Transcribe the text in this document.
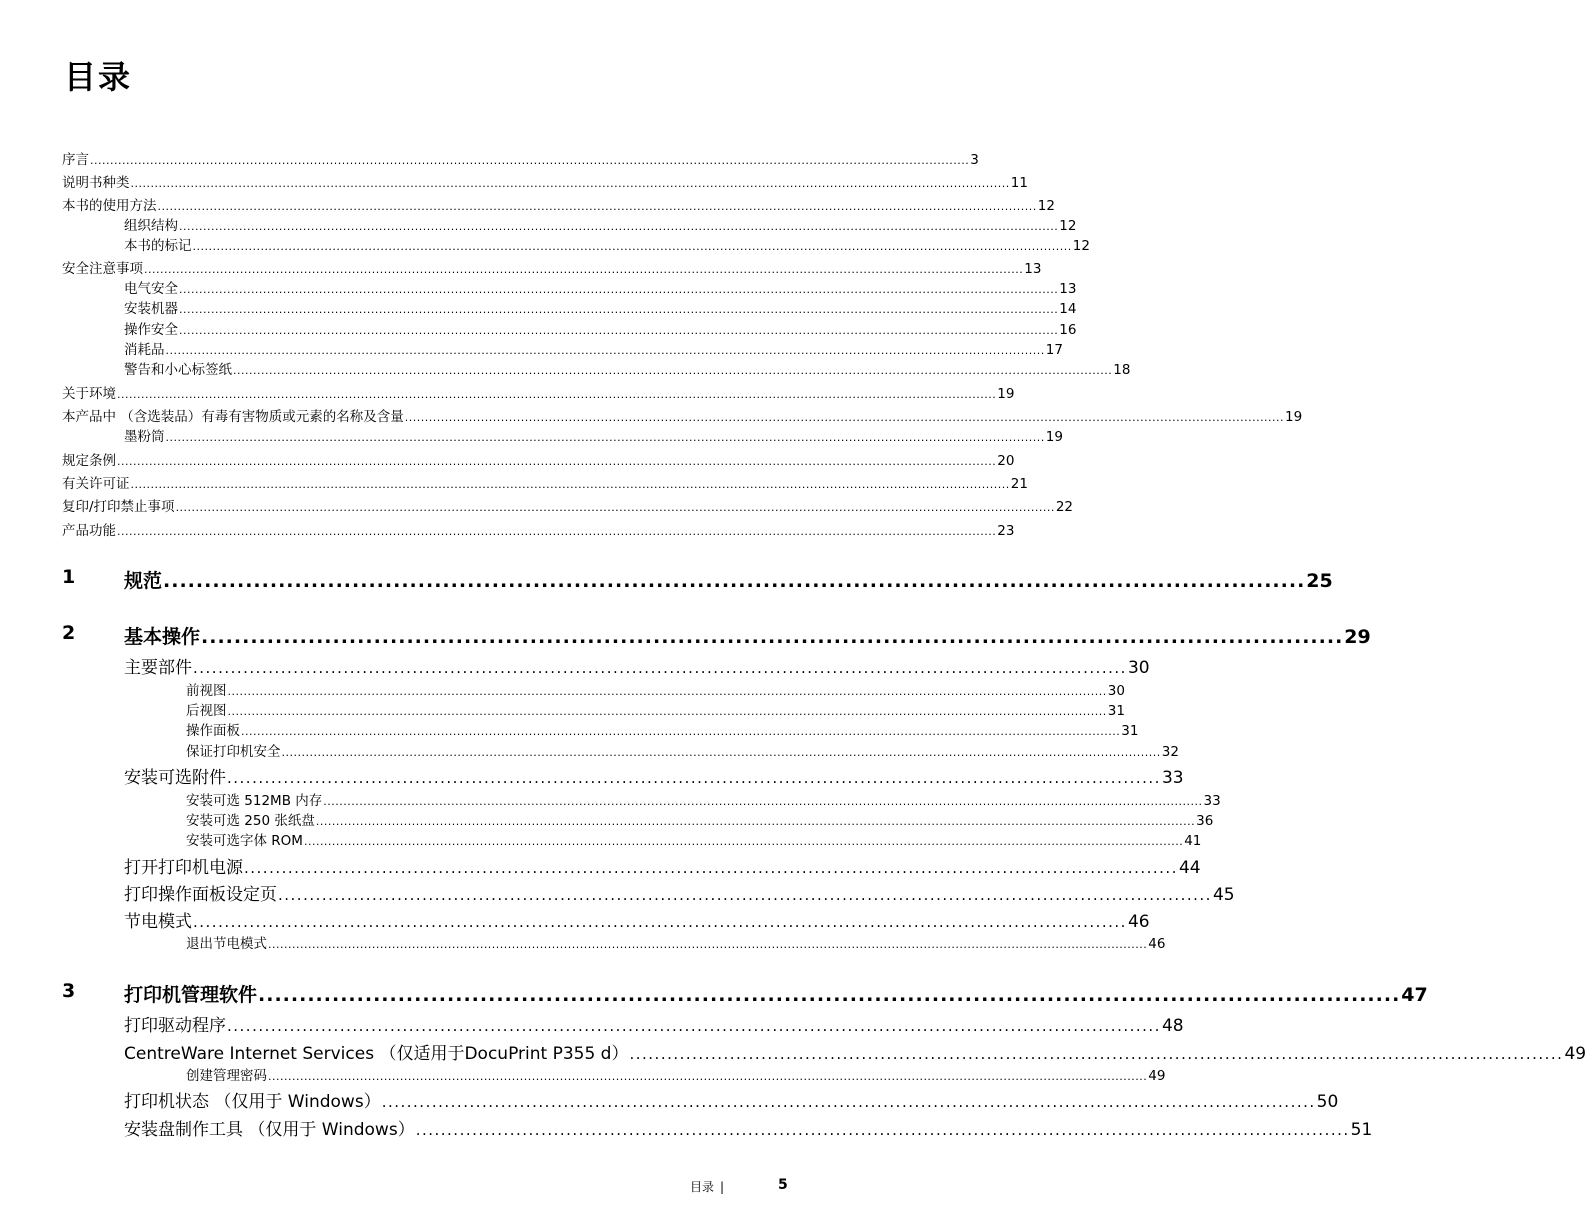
目录
序言 ............................................................................................................................................................................................................................ 3
说明书种类 ............................................................................................................................................................................................................................ 11
本书的使用方法 ............................................................................................................................................................................................................................ 12
组织结构 ............................................................................................................................................................................................................................ 12
本书的标记 ............................................................................................................................................................................................................................ 12
安全注意事项 ............................................................................................................................................................................................................................ 13
电气安全 ............................................................................................................................................................................................................................ 13
安装机器 ............................................................................................................................................................................................................................ 14
操作安全 ............................................................................................................................................................................................................................ 16
消耗品 ............................................................................................................................................................................................................................ 17
警告和小心标签纸 ............................................................................................................................................................................................................................ 18
关于环境 ............................................................................................................................................................................................................................ 19
本产品中 （含选装品）有毒有害物质或元素的名称及含量 ............................................................................................................................................................................................................................ 19
墨粉筒 ............................................................................................................................................................................................................................ 19
规定条例 ............................................................................................................................................................................................................................ 20
有关许可证 ............................................................................................................................................................................................................................ 21
复印/打印禁止事项 ............................................................................................................................................................................................................................ 22
产品功能 ............................................................................................................................................................................................................................ 23
1	规范 ........................................................................................................................................... 25
2	基本操作 ........................................................................................................................................... 29
主要部件 ..................................................................................................................................................... 30
前视图 ............................................................................................................................................................................................................................ 30
后视图 ............................................................................................................................................................................................................................ 31
操作面板 ............................................................................................................................................................................................................................ 31
保证打印机安全 ............................................................................................................................................................................................................................ 32
安装可选附件 ..................................................................................................................................................... 33
安装可选 512MB 内存 ............................................................................................................................................................................................................................ 33
安装可选 250 张纸盘 ............................................................................................................................................................................................................................ 36
安装可选字体 ROM ............................................................................................................................................................................................................................ 41
打开打印机电源 ..................................................................................................................................................... 44
打印操作面板设定页 ..................................................................................................................................................... 45
节电模式 ..................................................................................................................................................... 46
退出节电模式 ............................................................................................................................................................................................................................ 46
3	打印机管理软件 ........................................................................................................................................... 47
打印驱动程序 ..................................................................................................................................................... 48
CentreWare Internet Services （仅适用于DocuPrint P355 d） ..................................................................................................................................................... 49
创建管理密码 ............................................................................................................................................................................................................................ 49
打印机状态 （仅用于 Windows） ..................................................................................................................................................... 50
安装盘制作工具 （仅用于 Windows） ..................................................................................................................................................... 51
目录 |	5
